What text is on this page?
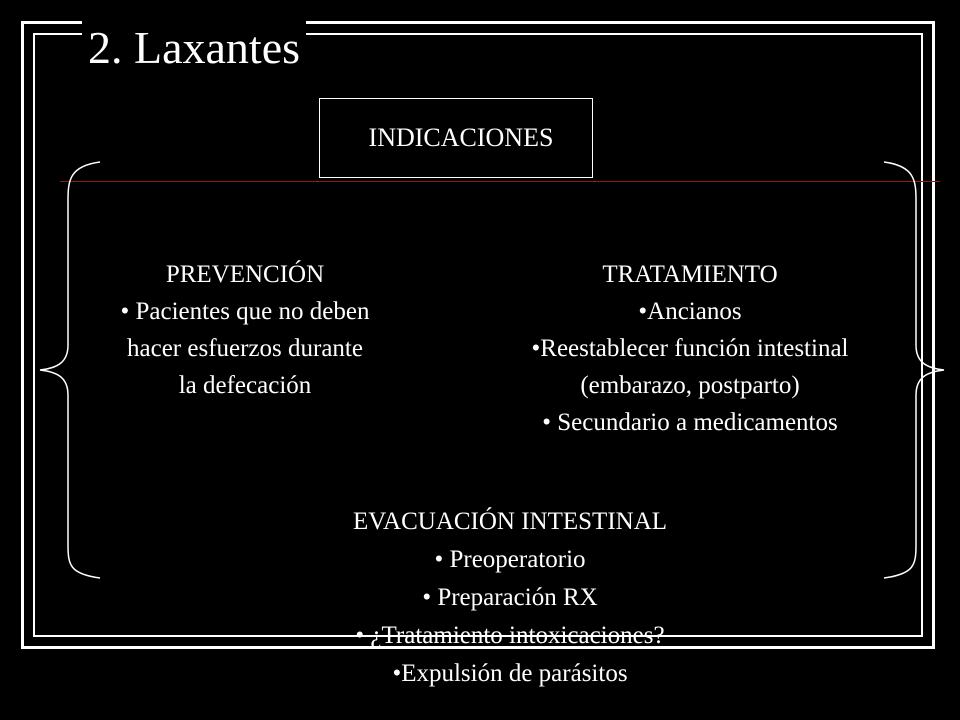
2. Laxantes
INDICACIONES
PREVENCIÓN
• Pacientes que no deben
hacer esfuerzos durante
la defecación
TRATAMIENTO
•Ancianos
•Reestablecer función intestinal
(embarazo, postparto)
• Secundario a medicamentos
EVACUACIÓN INTESTINAL
• Preoperatorio
• Preparación RX
• ¿Tratamiento intoxicaciones?
•Expulsión de parásitos
